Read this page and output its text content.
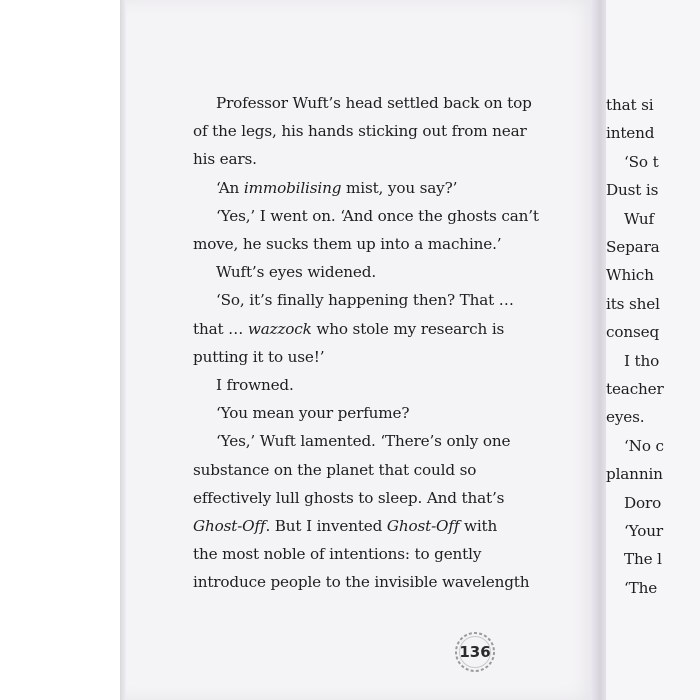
Professor Wuft’s head settled back on top
of the legs, his hands sticking out from near
his ears.
‘An immobilising mist, you say?’
‘Yes,’ I went on. ‘And once the ghosts can’t
move, he sucks them up into a machine.’
Wuft’s eyes widened.
‘So, it’s finally happening then? That …
that … wazzock who stole my research is
putting it to use!’
I frowned.
‘You mean your perfume?
‘Yes,’ Wuft lamented. ‘There’s only one
substance on the planet that could so
effectively lull ghosts to sleep. And that’s
Ghost-Off. But I invented Ghost-Off with
the most noble of intentions: to gently
introduce people to the invisible wavelength
136
that si
intend
‘So t
Dust is
Wuf
Separa
Which
its shel
conseq
I tho
teacher
eyes.
‘No c
plannin
Doro
‘Your
The l
‘The
